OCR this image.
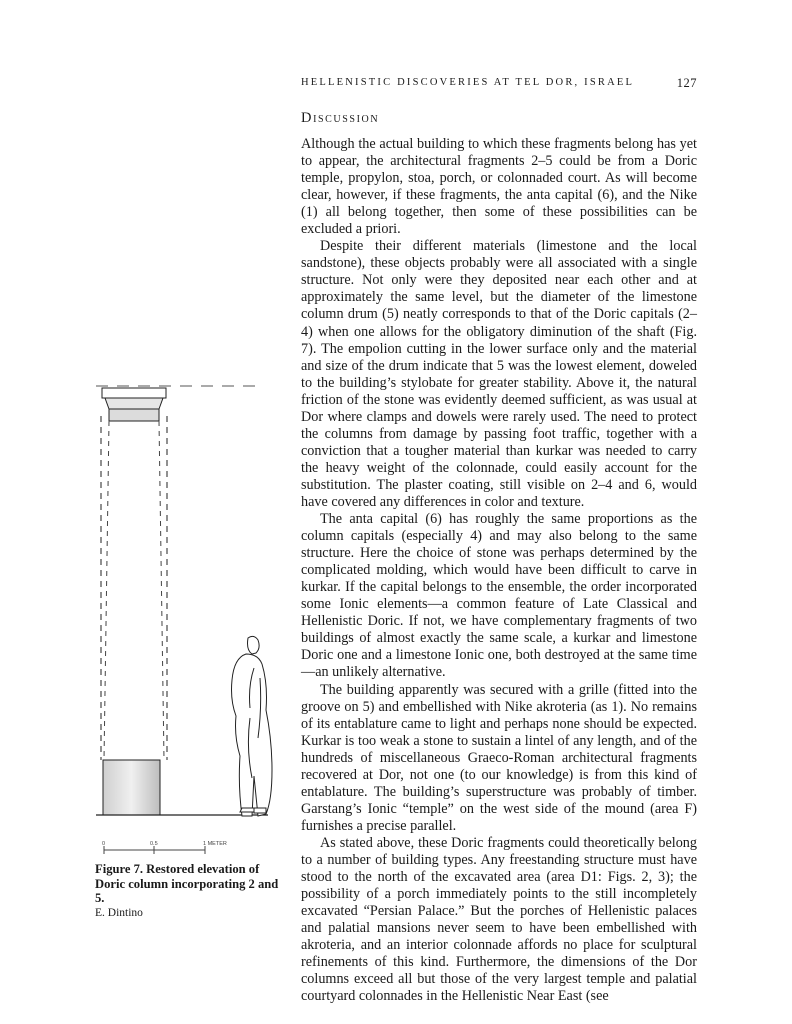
HELLENISTIC DISCOVERIES AT TEL DOR, ISRAEL	127
Discussion

Although the actual building to which these fragments belong has yet to appear, the architectural fragments 2–5 could be from a Doric temple, propylon, stoa, porch, or colonnaded court. As will become clear, however, if these fragments, the anta capital (6), and the Nike (1) all belong together, then some of these possibilities can be excluded a priori.

Despite their different materials (limestone and the local sandstone), these objects probably were all associated with a single structure. Not only were they deposited near each other and at approximately the same level, but the diameter of the limestone column drum (5) neatly corresponds to that of the Doric capitals (2–4) when one allows for the obligatory diminution of the shaft (Fig. 7). The empolion cutting in the lower surface only and the material and size of the drum indicate that 5 was the lowest element, doweled to the building’s stylobate for greater stability. Above it, the natural friction of the stone was evidently deemed sufficient, as was usual at Dor where clamps and dowels were rarely used. The need to protect the columns from damage by passing foot traffic, together with a conviction that a tougher material than kurkar was needed to carry the heavy weight of the colonnade, could easily account for the substitution. The plaster coating, still visible on 2–4 and 6, would have covered any differences in color and texture.

The anta capital (6) has roughly the same proportions as the column capitals (especially 4) and may also belong to the same structure. Here the choice of stone was perhaps determined by the complicated molding, which would have been difficult to carve in kurkar. If the capital belongs to the ensemble, the order incorporated some Ionic elements—a common feature of Late Classical and Hellenistic Doric. If not, we have complementary fragments of two buildings of almost exactly the same scale, a kurkar and limestone Doric one and a limestone Ionic one, both destroyed at the same time—an unlikely alternative.

The building apparently was secured with a grille (fitted into the groove on 5) and embellished with Nike akroteria (as 1). No remains of its entablature came to light and perhaps none should be expected. Kurkar is too weak a stone to sustain a lintel of any length, and of the hundreds of miscellaneous Graeco-Roman architectural fragments recovered at Dor, not one (to our knowledge) is from this kind of entablature. The building’s superstructure was probably of timber. Garstang’s Ionic “temple” on the west side of the mound (area F) furnishes a precise parallel.

As stated above, these Doric fragments could theoretically belong to a number of building types. Any freestanding structure must have stood to the north of the excavated area (area D1: Figs. 2, 3); the possibility of a porch immediately points to the still incompletely excavated “Persian Palace.” But the porches of Hellenistic palaces and palatial mansions never seem to have been embellished with akroteria, and an interior colonnade affords no place for sculptural refinements of this kind. Furthermore, the dimensions of the Dor columns exceed all but those of the very largest temple and palatial courtyard colonnades in the Hellenistic Near East (see

0	0.5	1 METER
Figure 7. Restored elevation of Doric column incorporating 2 and 5.
E. Dintino
